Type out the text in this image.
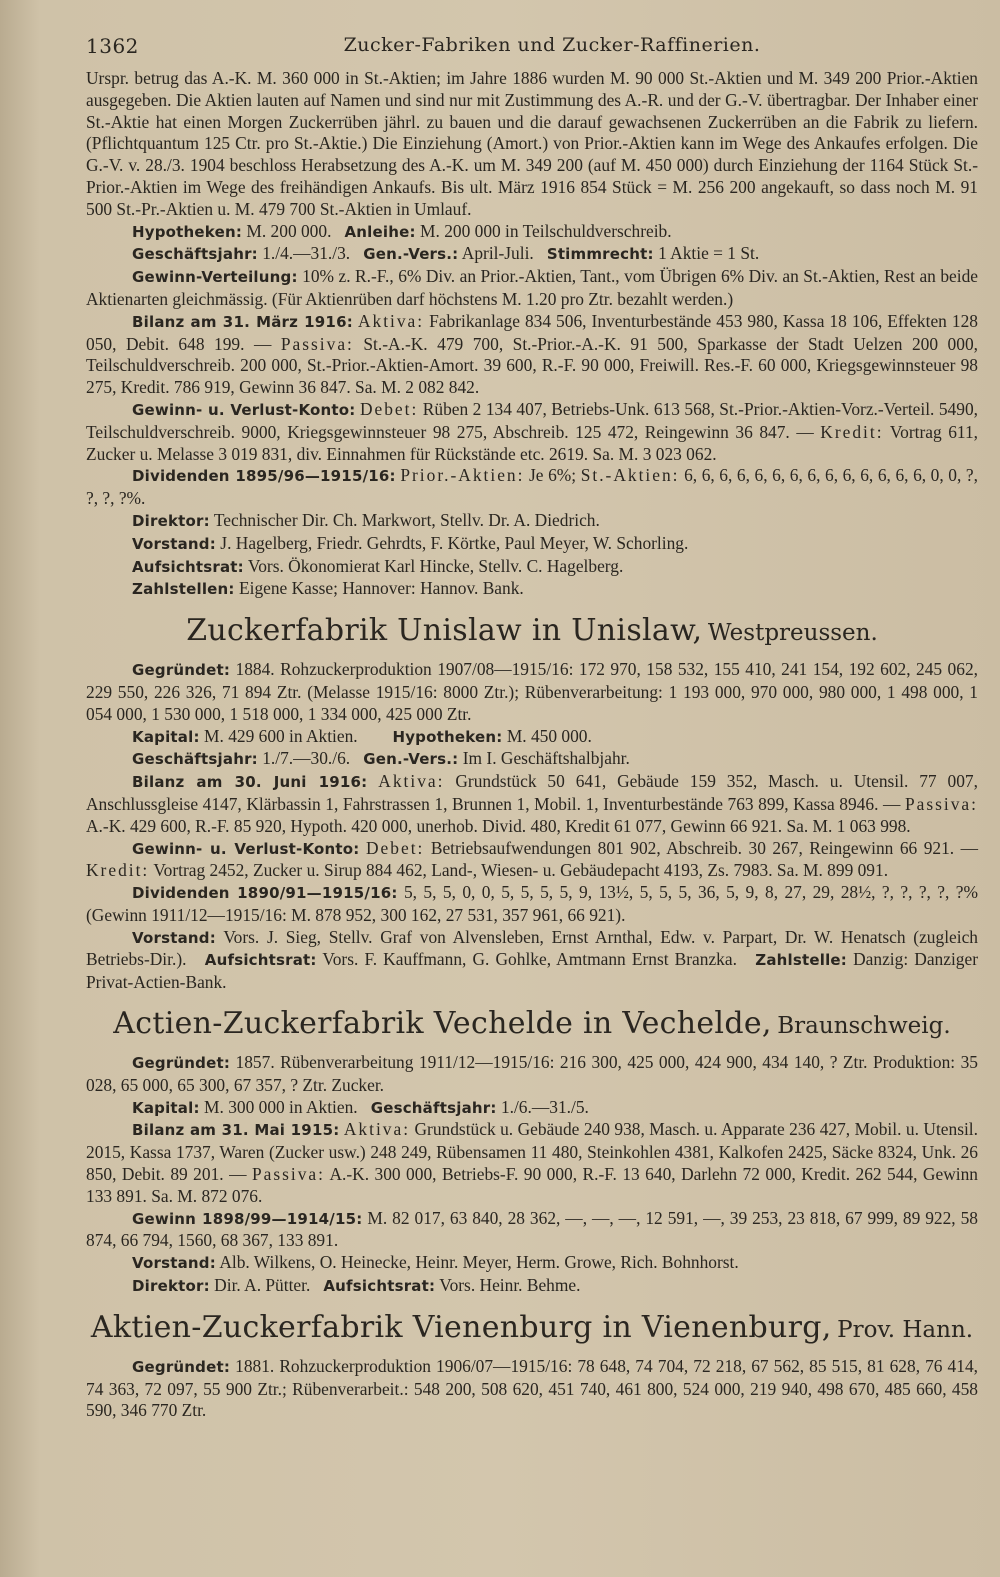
1362	Zucker-Fabriken und Zucker-Raffinerien.

Urspr. betrug das A.-K. M. 360 000 in St.-Aktien; im Jahre 1886 wurden M. 90 000 St.-Aktien und M. 349 200 Prior.-Aktien ausgegeben. Die Aktien lauten auf Namen und sind nur mit Zustimmung des A.-R. und der G.-V. übertragbar. Der Inhaber einer St.-Aktie hat einen Morgen Zuckerrüben jährl. zu bauen und die darauf gewachsenen Zuckerrüben an die Fabrik zu liefern. (Pflichtquantum 125 Ctr. pro St.-Aktie.) Die Einziehung (Amort.) von Prior.-Aktien kann im Wege des Ankaufes erfolgen. Die G.-V. v. 28./3. 1904 beschloss Herabsetzung des A.-K. um M. 349 200 (auf M. 450 000) durch Einziehung der 1164 Stück St.-Prior.-Aktien im Wege des freihändigen Ankaufs. Bis ult. März 1916 854 Stück = M. 256 200 angekauft, so dass noch M. 91 500 St.-Pr.-Aktien u. M. 479 700 St.-Aktien in Umlauf.

Hypotheken: M. 200 000. Anleihe: M. 200 000 in Teilschuldverschreib.

Geschäftsjahr: 1./4.—31./3. Gen.-Vers.: April-Juli. Stimmrecht: 1 Aktie = 1 St.

Gewinn-Verteilung: 10% z. R.-F., 6% Div. an Prior.-Aktien, Tant., vom Übrigen 6% Div. an St.-Aktien, Rest an beide Aktienarten gleichmässig. (Für Aktienrüben darf höchstens M. 1.20 pro Ztr. bezahlt werden.)

Bilanz am 31. März 1916: Aktiva: Fabrikanlage 834 506, Inventurbestände 453 980, Kassa 18 106, Effekten 128 050, Debit. 648 199. — Passiva: St.-A.-K. 479 700, St.-Prior.-A.-K. 91 500, Sparkasse der Stadt Uelzen 200 000, Teilschuldverschreib. 200 000, St.-Prior.-Aktien-Amort. 39 600, R.-F. 90 000, Freiwill. Res.-F. 60 000, Kriegsgewinnsteuer 98 275, Kredit. 786 919, Gewinn 36 847. Sa. M. 2 082 842.

Gewinn- u. Verlust-Konto: Debet: Rüben 2 134 407, Betriebs-Unk. 613 568, St.-Prior.-Aktien-Vorz.-Verteil. 5490, Teilschuldverschreib. 9000, Kriegsgewinnsteuer 98 275, Abschreib. 125 472, Reingewinn 36 847. — Kredit: Vortrag 611, Zucker u. Melasse 3 019 831, div. Einnahmen für Rückstände etc. 2619. Sa. M. 3 023 062.

Dividenden 1895/96—1915/16: Prior.-Aktien: Je 6%; St.-Aktien: 6, 6, 6, 6, 6, 6, 6, 6, 6, 6, 6, 6, 6, 6, 0, 0, ?, ?, ?, ?%.

Direktor: Technischer Dir. Ch. Markwort, Stellv. Dr. A. Diedrich.

Vorstand: J. Hagelberg, Friedr. Gehrdts, F. Körtke, Paul Meyer, W. Schorling.

Aufsichtsrat: Vors. Ökonomierat Karl Hincke, Stellv. C. Hagelberg.

Zahlstellen: Eigene Kasse; Hannover: Hannov. Bank.

Zuckerfabrik Unislaw in Unislaw, Westpreussen.

Gegründet: 1884. Rohzuckerproduktion 1907/08—1915/16: 172 970, 158 532, 155 410, 241 154, 192 602, 245 062, 229 550, 226 326, 71 894 Ztr. (Melasse 1915/16: 8000 Ztr.); Rübenverarbeitung: 1 193 000, 970 000, 980 000, 1 498 000, 1 054 000, 1 530 000, 1 518 000, 1 334 000, 425 000 Ztr.

Kapital: M. 429 600 in Aktien. Hypotheken: M. 450 000.

Geschäftsjahr: 1./7.—30./6. Gen.-Vers.: Im I. Geschäftshalbjahr.

Bilanz am 30. Juni 1916: Aktiva: Grundstück 50 641, Gebäude 159 352, Masch. u. Utensil. 77 007, Anschlussgleise 4147, Klärbassin 1, Fahrstrassen 1, Brunnen 1, Mobil. 1, Inventurbestände 763 899, Kassa 8946. — Passiva: A.-K. 429 600, R.-F. 85 920, Hypoth. 420 000, unerhob. Divid. 480, Kredit 61 077, Gewinn 66 921. Sa. M. 1 063 998.

Gewinn- u. Verlust-Konto: Debet: Betriebsaufwendungen 801 902, Abschreib. 30 267, Reingewinn 66 921. — Kredit: Vortrag 2452, Zucker u. Sirup 884 462, Land-, Wiesen- u. Gebäudepacht 4193, Zs. 7983. Sa. M. 899 091.

Dividenden 1890/91—1915/16: 5, 5, 5, 0, 0, 5, 5, 5, 5, 9, 13½, 5, 5, 5, 36, 5, 9, 8, 27, 29, 28½, ?, ?, ?, ?, ?% (Gewinn 1911/12—1915/16: M. 878 952, 300 162, 27 531, 357 961, 66 921).

Vorstand: Vors. J. Sieg, Stellv. Graf von Alvensleben, Ernst Arnthal, Edw. v. Parpart, Dr. W. Henatsch (zugleich Betriebs-Dir.). Aufsichtsrat: Vors. F. Kauffmann, G. Gohlke, Amtmann Ernst Branzka. Zahlstelle: Danzig: Danziger Privat-Actien-Bank.

Actien-Zuckerfabrik Vechelde in Vechelde, Braunschweig.

Gegründet: 1857. Rübenverarbeitung 1911/12—1915/16: 216 300, 425 000, 424 900, 434 140, ? Ztr. Produktion: 35 028, 65 000, 65 300, 67 357, ? Ztr. Zucker.

Kapital: M. 300 000 in Aktien. Geschäftsjahr: 1./6.—31./5.

Bilanz am 31. Mai 1915: Aktiva: Grundstück u. Gebäude 240 938, Masch. u. Apparate 236 427, Mobil. u. Utensil. 2015, Kassa 1737, Waren (Zucker usw.) 248 249, Rübensamen 11 480, Steinkohlen 4381, Kalkofen 2425, Säcke 8324, Unk. 26 850, Debit. 89 201. — Passiva: A.-K. 300 000, Betriebs-F. 90 000, R.-F. 13 640, Darlehn 72 000, Kredit. 262 544, Gewinn 133 891. Sa. M. 872 076.

Gewinn 1898/99—1914/15: M. 82 017, 63 840, 28 362, —, —, —, 12 591, —, 39 253, 23 818, 67 999, 89 922, 58 874, 66 794, 1560, 68 367, 133 891.

Vorstand: Alb. Wilkens, O. Heinecke, Heinr. Meyer, Herm. Growe, Rich. Bohnhorst.

Direktor: Dir. A. Pütter. Aufsichtsrat: Vors. Heinr. Behme.

Aktien-Zuckerfabrik Vienenburg in Vienenburg, Prov. Hann.

Gegründet: 1881. Rohzuckerproduktion 1906/07—1915/16: 78 648, 74 704, 72 218, 67 562, 85 515, 81 628, 76 414, 74 363, 72 097, 55 900 Ztr.; Rübenverarbeit.: 548 200, 508 620, 451 740, 461 800, 524 000, 219 940, 498 670, 485 660, 458 590, 346 770 Ztr.
